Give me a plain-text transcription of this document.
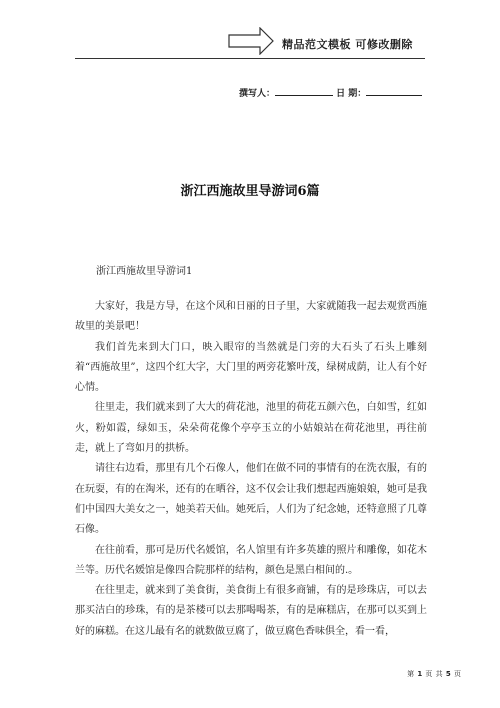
精品范文模板 可修改删除
撰写人：	日 期：
浙江西施故里导游词6篇
浙江西施故里导游词1

大家好，我是方导，在这个风和日丽的日子里，大家就随我一起去观赏西施故里的美景吧！

我们首先来到大门口，映入眼帘的当然就是门旁的大石头了石头上雕刻着“西施故里”，这四个红大字，大门里的两旁花繁叶茂，绿树成荫，让人有个好心情。

往里走，我们就来到了大大的荷花池，池里的荷花五颜六色，白如雪，红如火，粉如霞，绿如玉，朵朵荷花像个亭亭玉立的小姑娘站在荷花池里，再往前走，就上了弯如月的拱桥。

请往右边看，那里有几个石像人，他们在做不同的事情有的在洗衣服，有的在玩耍，有的在淘米，还有的在晒谷，这不仅会让我们想起西施娘娘，她可是我们中国四大美女之一，她美若天仙。她死后，人们为了纪念她，还特意照了几尊石像。

在往前看，那可是历代名媛馆，名人馆里有许多英雄的照片和雕像，如花木兰等。历代名媛馆是像四合院那样的结构，颜色是黑白相间的.。

在往里走，就来到了美食街，美食街上有很多商铺，有的是珍珠店，可以去那买洁白的珍珠，有的是茶楼可以去那喝喝茶，有的是麻糕店，在那可以买到上好的麻糕。在这儿最有名的就数做豆腐了，做豆腐色香味俱全，看一看，

第 1 页 共 5 页
